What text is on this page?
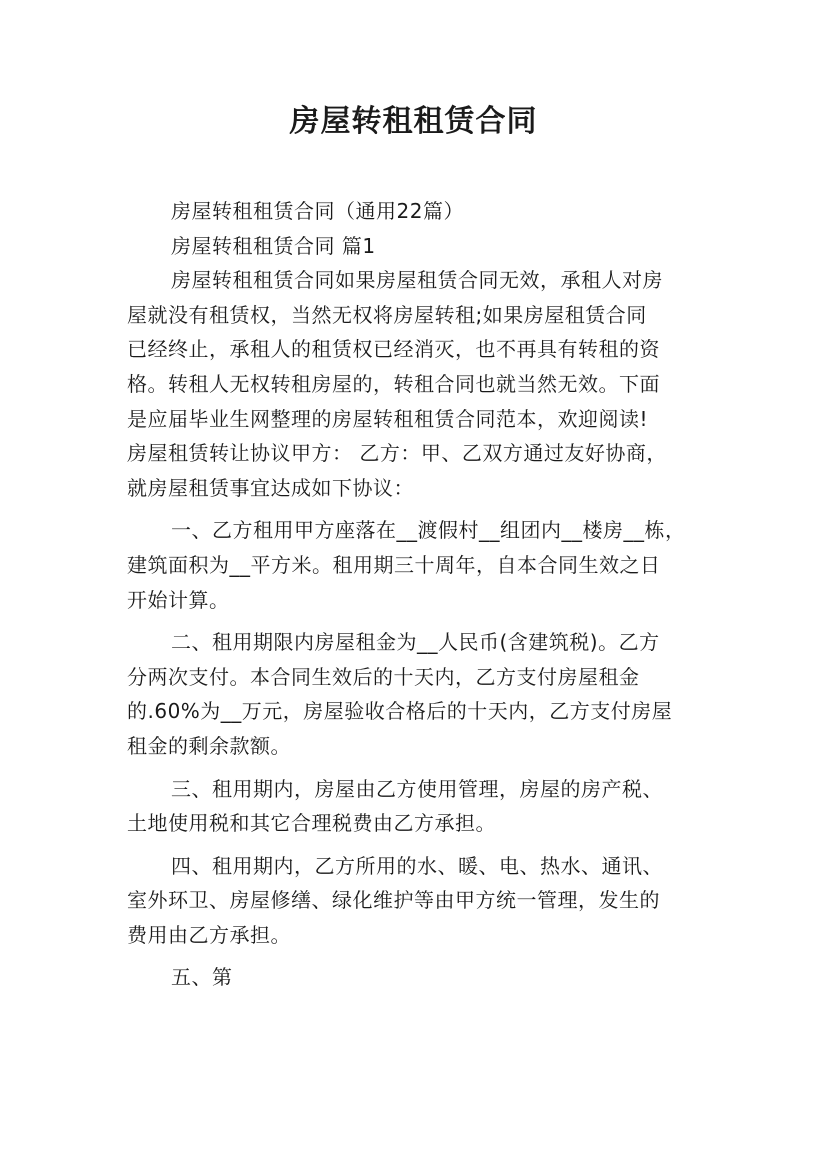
房屋转租租赁合同
房屋转租租赁合同（通用22篇）
房屋转租租赁合同 篇1
房屋转租租赁合同如果房屋租赁合同无效，承租人对房
屋就没有租赁权，当然无权将房屋转租;如果房屋租赁合同
已经终止，承租人的租赁权已经消灭，也不再具有转租的资
格。转租人无权转租房屋的，转租合同也就当然无效。下面
是应届毕业生网整理的房屋转租租赁合同范本，欢迎阅读!
房屋租赁转让协议甲方： 乙方：甲、乙双方通过友好协商，
就房屋租赁事宜达成如下协议：
一、乙方租用甲方座落在__渡假村__组团内__楼房__栋，
建筑面积为__平方米。租用期三十周年，自本合同生效之日
开始计算。
二、租用期限内房屋租金为__人民币(含建筑税)。乙方
分两次支付。本合同生效后的十天内，乙方支付房屋租金
的.60%为__万元，房屋验收合格后的十天内，乙方支付房屋
租金的剩余款额。
三、租用期内，房屋由乙方使用管理，房屋的房产税、
土地使用税和其它合理税费由乙方承担。
四、租用期内，乙方所用的水、暖、电、热水、通讯、
室外环卫、房屋修缮、绿化维护等由甲方统一管理，发生的
费用由乙方承担。
五、第
